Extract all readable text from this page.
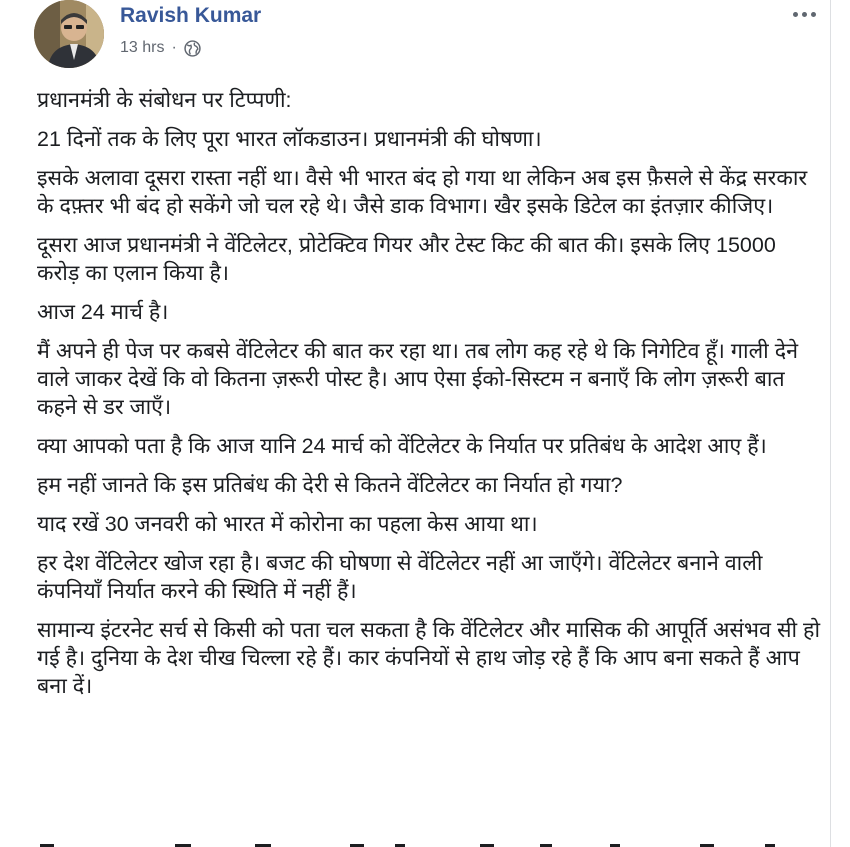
Ravish Kumar
13 hrs ·

प्रधानमंत्री के संबोधन पर टिप्पणी:

21 दिनों तक के लिए पूरा भारत लॉकडाउन। प्रधानमंत्री की घोषणा।

इसके अलावा दूसरा रास्ता नहीं था। वैसे भी भारत बंद हो गया था लेकिन अब इस फ़ैसले से केंद्र सरकार के दफ़्तर भी बंद हो सकेंगे जो चल रहे थे। जैसे डाक विभाग। खैर इसके डिटेल का इंतज़ार कीजिए।

दूसरा आज प्रधानमंत्री ने वेंटिलेटर, प्रोटेक्टिव गियर और टेस्ट किट की बात की। इसके लिए 15000 करोड़ का एलान किया है।

आज 24 मार्च है।

मैं अपने ही पेज पर कबसे वेंटिलेटर की बात कर रहा था। तब लोग कह रहे थे कि निगेटिव हूँ। गाली देने वाले जाकर देखें कि वो कितना ज़रूरी पोस्ट है। आप ऐसा ईको-सिस्टम न बनाएँ कि लोग ज़रूरी बात कहने से डर जाएँ।

क्या आपको पता है कि आज यानि 24 मार्च को वेंटिलेटर के निर्यात पर प्रतिबंध के आदेश आए हैं।

हम नहीं जानते कि इस प्रतिबंध की देरी से कितने वेंटिलेटर का निर्यात हो गया?

याद रखें 30 जनवरी को भारत में कोरोना का पहला केस आया था।

हर देश वेंटिलेटर खोज रहा है। बजट की घोषणा से वेंटिलेटर नहीं आ जाएँगे। वेंटिलेटर बनाने वाली कंपनियाँ निर्यात करने की स्थिति में नहीं हैं।

सामान्य इंटरनेट सर्च से किसी को पता चल सकता है कि वेंटिलेटर और मासिक की आपूर्ति असंभव सी हो गई है। दुनिया के देश चीख चिल्ला रहे हैं। कार कंपनियों से हाथ जोड़ रहे हैं कि आप बना सकते हैं आप बना दें।
